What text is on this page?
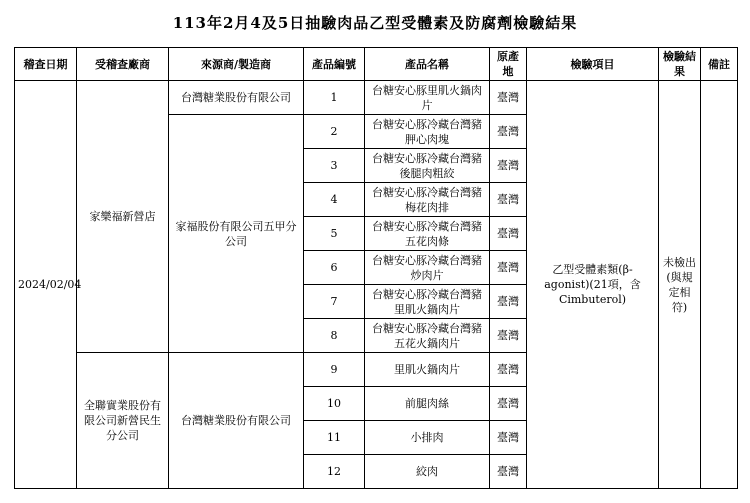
113年2月4及5日抽驗肉品乙型受體素及防腐劑檢驗結果
稽查日期	受稽查廠商	來源商/製造商	產品編號	產品名稱	原產地	檢驗項目	檢驗結果	備註
2024/02/04	家樂福新營店	台灣糖業股份有限公司	1	台糖安心豚里肌火鍋肉片	臺灣	乙型受體素類(β-agonist)(21項，含Cimbuterol)	未檢出(與規定相符)	
		家福股份有限公司五甲分公司	2	台糖安心豚冷藏台灣豬胛心肉塊	臺灣			
			3	台糖安心豚冷藏台灣豬後腿肉粗絞	臺灣			
			4	台糖安心豚冷藏台灣豬梅花肉排	臺灣			
			5	台糖安心豚冷藏台灣豬五花肉條	臺灣			
			6	台糖安心豚冷藏台灣豬炒肉片	臺灣			
			7	台糖安心豚冷藏台灣豬里肌火鍋肉片	臺灣			
			8	台糖安心豚冷藏台灣豬五花火鍋肉片	臺灣			
	全聯實業股份有限公司新營民生分公司	台灣糖業股份有限公司	9	里肌火鍋肉片	臺灣			
			10	前腿肉絲	臺灣			
			11	小排肉	臺灣			
			12	絞肉	臺灣			
